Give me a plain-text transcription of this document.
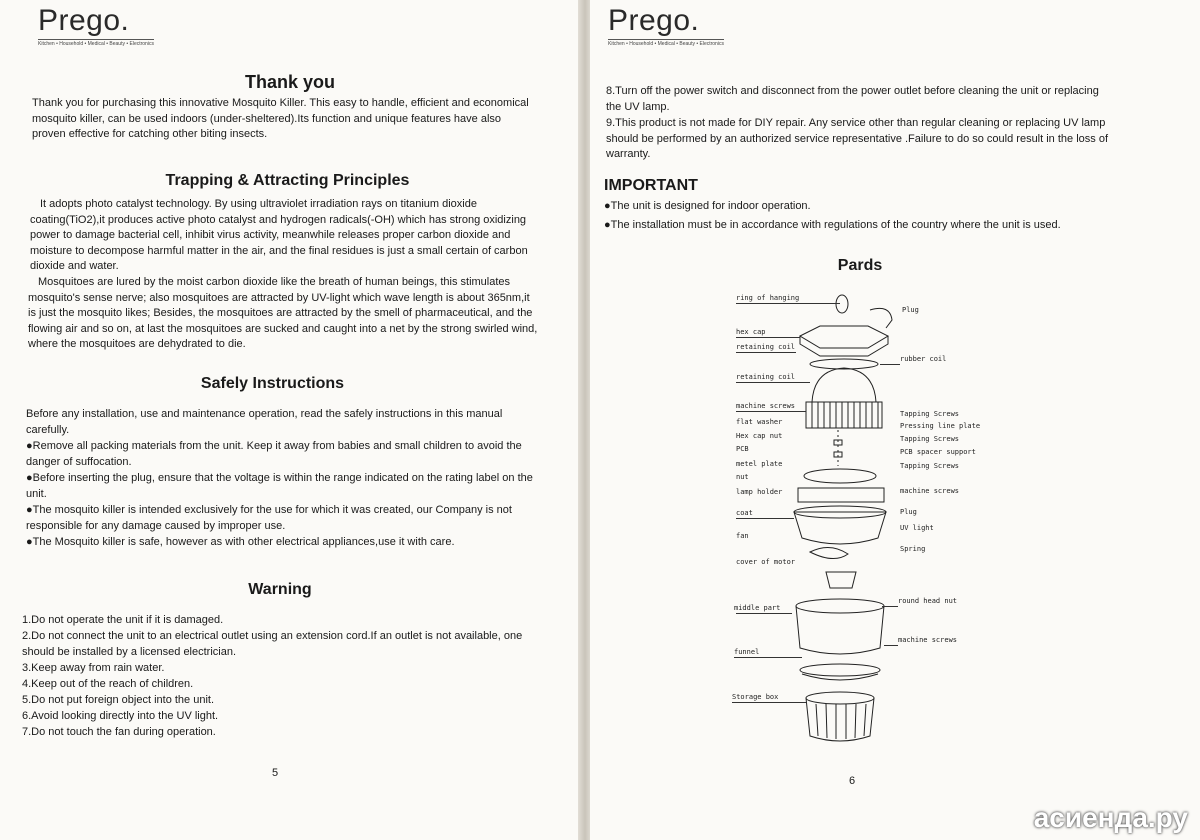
Prego.
Kitchen • Household • Medical • Beauty • Electronics
Thank you

Thank you for purchasing this innovative Mosquito Killer. This easy to handle, efficient and economical mosquito killer, can be used indoors (under-sheltered).Its function and unique features have also proven effective for catching other biting insects.

Trapping & Attracting Principles

It adopts photo catalyst technology. By using ultraviolet irradiation rays on titanium dioxide coating(TiO2),it produces active photo catalyst and hydrogen radicals(-OH) which has strong oxidizing power to damage bacterial cell, inhibit virus activity, meanwhile releases proper carbon dioxide and moisture to decompose harmful matter in the air, and the final residues is just a small certain of carbon dioxide and water.

Mosquitoes are lured by the moist carbon dioxide like the breath of human beings, this stimulates mosquito's sense nerve; also mosquitoes are attracted by UV-light which wave length is about 365nm,it is just the mosquito likes; Besides, the mosquitoes are attracted by the smell of pharmaceutical, and the flowing air and so on, at last the mosquitoes are sucked and caught into a net by the strong swirled wind, where the mosquitoes are dehydrated to die.

Safely Instructions

Before any installation, use and maintenance operation, read the safely instructions in this manual carefully.

●Remove all packing materials from the unit. Keep it away from babies and small children to avoid the danger of suffocation.

●Before inserting the plug, ensure that the voltage is within the range indicated on the rating label on the unit.

●The mosquito killer is intended exclusively for the use for which it was created, our Company is not responsible for any damage caused by improper use.

●The Mosquito killer is safe, however as with other electrical appliances,use it with care.

Warning
1.Do not operate the unit if it is damaged.
2.Do not connect the unit to an electrical outlet using an extension cord.If an outlet is not available, one should be installed by a licensed electrician.
3.Keep away from rain water.
4.Keep out of the reach of children.
5.Do not put foreign object into the unit.
6.Avoid looking directly into the UV light.
7.Do not touch the fan during operation.
5
Prego.
Kitchen • Household • Medical • Beauty • Electronics

8.Turn off the power switch and disconnect from the power outlet before cleaning the unit or replacing the UV lamp.

9.This product is not made for DIY repair. Any service other than regular cleaning or replacing UV lamp should be performed by an authorized service representative .Failure to do so could result in the loss of warranty.

IMPORTANT

●The unit is designed for indoor operation.

●The installation must be in accordance with regulations of the country where the unit is used.

Pards
ring of hanging
hex cap
retaining coil
retaining coil
machine screws
flat washer
Hex cap nut
PCB
metel plate
nut
lamp holder
coat
fan
cover of motor
middle part
funnel
Storage box
Plug
rubber coil
Tapping Screws
Pressing line plate
Tapping Screws
PCB spacer support
Tapping Screws
machine screws
Plug
UV light
Spring
round head nut
machine screws
6
асиенда.ру
